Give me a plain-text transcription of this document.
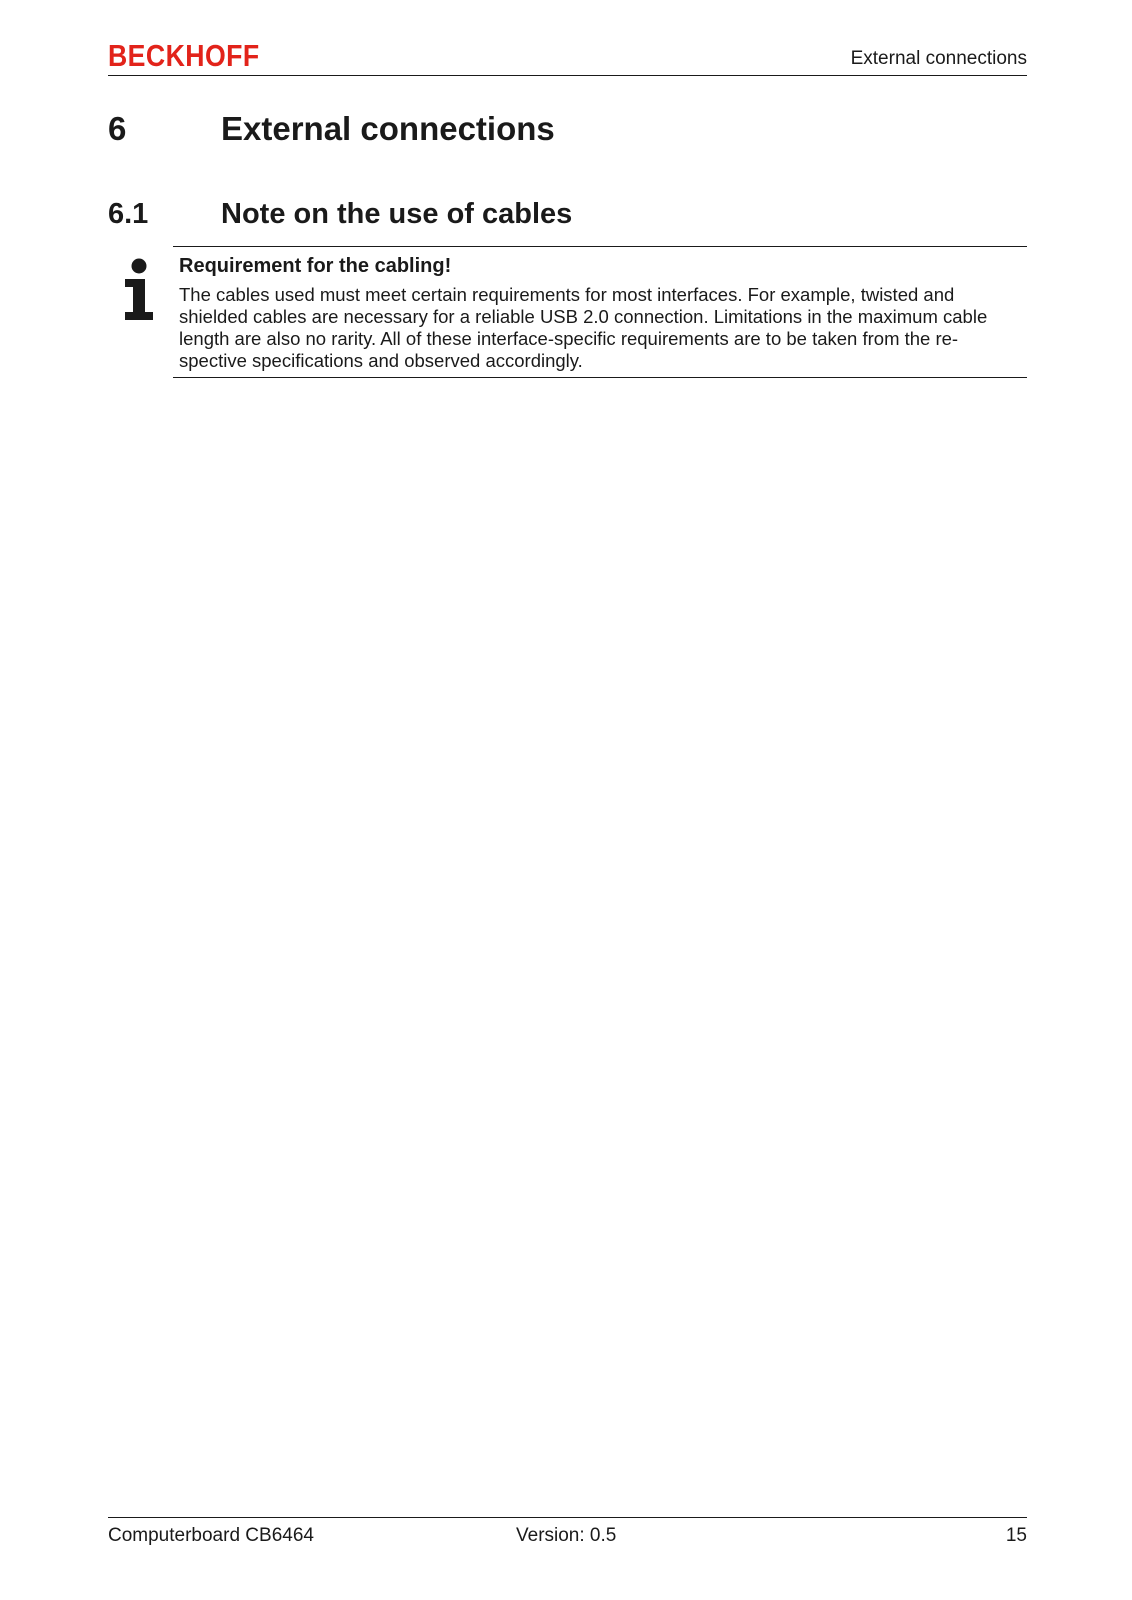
BECKHOFF	External connections
6	External connections
6.1	Note on the use of cables
Requirement for the cabling!
The cables used must meet certain requirements for most interfaces. For example, twisted and
shielded cables are necessary for a reliable USB 2.0 connection. Limitations in the maximum cable
length are also no rarity. All of these interface-specific requirements are to be taken from the re-
spective specifications and observed accordingly.
Computerboard CB6464	Version: 0.5	15
